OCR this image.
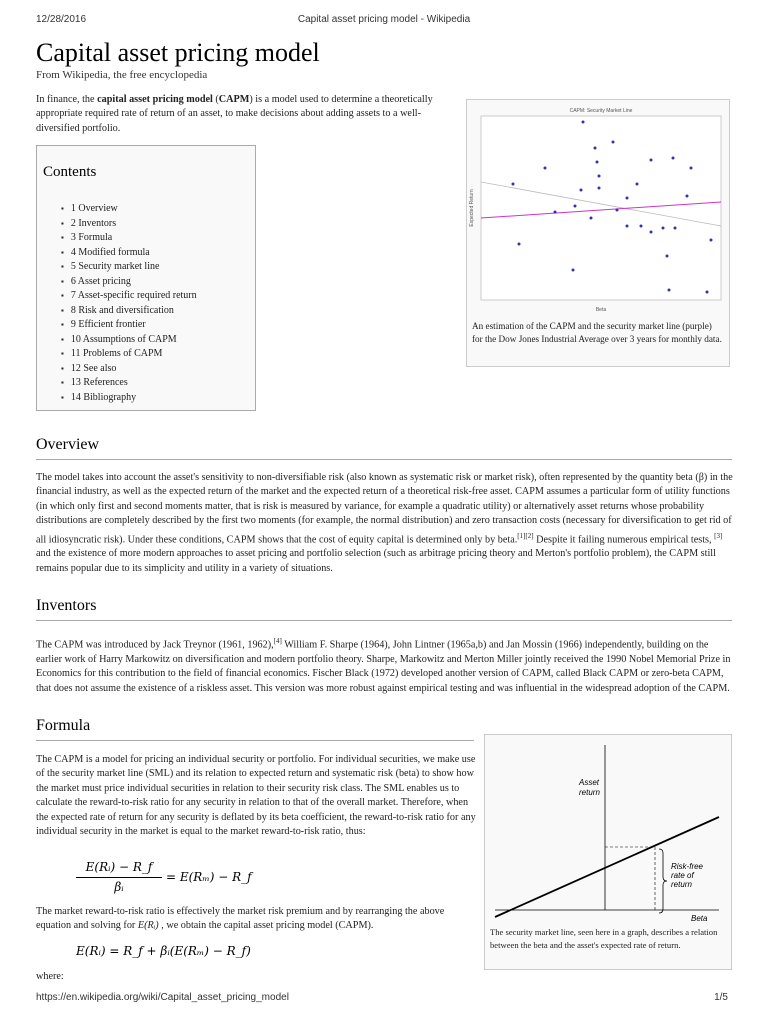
12/28/2016	Capital asset pricing model - Wikipedia
Capital asset pricing model
From Wikipedia, the free encyclopedia

In finance, the capital asset pricing model (CAPM) is a model used to determine a theoretically appropriate required rate of return of an asset, to make decisions about adding assets to a well-diversified portfolio.

Contents
▪ 1 Overview
▪ 2 Inventors
▪ 3 Formula
▪ 4 Modified formula
▪ 5 Security market line
▪ 6 Asset pricing
▪ 7 Asset-specific required return
▪ 8 Risk and diversification
▪ 9 Efficient frontier
▪ 10 Assumptions of CAPM
▪ 11 Problems of CAPM
▪ 12 See also
▪ 13 References
▪ 14 Bibliography
CAPM: Security Market Line
Beta
Expected Return
An estimation of the CAPM and the security market line (purple) for the Dow Jones Industrial Average over 3 years for monthly data.
Overview

The model takes into account the asset's sensitivity to non-diversifiable risk (also known as systematic risk or market risk), often represented by the quantity beta (β) in the financial industry, as well as the expected return of the market and the expected return of a theoretical risk-free asset. CAPM assumes a particular form of utility functions (in which only first and second moments matter, that is risk is measured by variance, for example a quadratic utility) or alternatively asset returns whose probability distributions are completely described by the first two moments (for example, the normal distribution) and zero transaction costs (necessary for diversification to get rid of all idiosyncratic risk). Under these conditions, CAPM shows that the cost of equity capital is determined only by beta.[1][2] Despite it failing numerous empirical tests, [3] and the existence of more modern approaches to asset pricing and portfolio selection (such as arbitrage pricing theory and Merton's portfolio problem), the CAPM still remains popular due to its simplicity and utility in a variety of situations.

Inventors

The CAPM was introduced by Jack Treynor (1961, 1962),[4] William F. Sharpe (1964), John Lintner (1965a,b) and Jan Mossin (1966) independently, building on the earlier work of Harry Markowitz on diversification and modern portfolio theory. Sharpe, Markowitz and Merton Miller jointly received the 1990 Nobel Memorial Prize in Economics for this contribution to the field of financial economics. Fischer Black (1972) developed another version of CAPM, called Black CAPM or zero-beta CAPM, that does not assume the existence of a riskless asset. This version was more robust against empirical testing and was influential in the widespread adoption of the CAPM.

Formula

The CAPM is a model for pricing an individual security or portfolio. For individual securities, we make use of the security market line (SML) and its relation to expected return and systematic risk (beta) to show how the market must price individual securities in relation to their security risk class. The SML enables us to calculate the reward-to-risk ratio for any security in relation to that of the overall market. Therefore, when the expected rate of return for any security is deflated by its beta coefficient, the reward-to-risk ratio for any individual security in the market is equal to the market reward-to-risk ratio, thus:

E(Rᵢ) − R_f
βᵢ
= E(Rₘ) − R_f

The market reward-to-risk ratio is effectively the market risk premium and by rearranging the above equation and solving for E(Rᵢ) , we obtain the capital asset pricing model (CAPM).

E(Rᵢ) = R_f + βᵢ(E(Rₘ) − R_f)

where:

Asset
return
Risk-free
rate of
return
Beta
The security market line, seen here in a graph, describes a relation between the beta and the asset's expected rate of return.
https://en.wikipedia.org/wiki/Capital_asset_pricing_model	1/5
